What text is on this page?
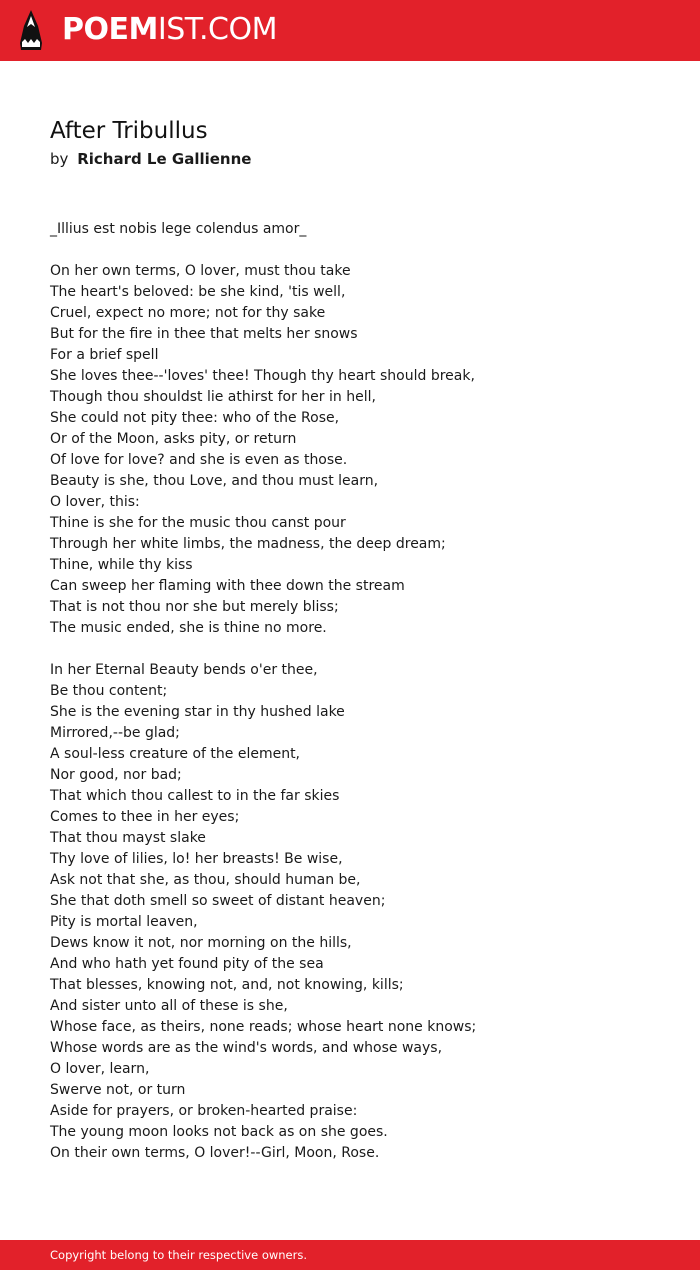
POEMIST.COM
After Tribullus
by Richard Le Gallienne
_Illius est nobis lege colendus amor_
On her own terms, O lover, must thou take
The heart's beloved: be she kind, 'tis well,
Cruel, expect no more; not for thy sake
But for the fire in thee that melts her snows
For a brief spell
She loves thee--'loves' thee! Though thy heart should break,
Though thou shouldst lie athirst for her in hell,
She could not pity thee: who of the Rose,
Or of the Moon, asks pity, or return
Of love for love? and she is even as those.
Beauty is she, thou Love, and thou must learn,
O lover, this:
Thine is she for the music thou canst pour
Through her white limbs, the madness, the deep dream;
Thine, while thy kiss
Can sweep her flaming with thee down the stream
That is not thou nor she but merely bliss;
The music ended, she is thine no more.
In her Eternal Beauty bends o'er thee,
Be thou content;
She is the evening star in thy hushed lake
Mirrored,--be glad;
A soul-less creature of the element,
Nor good, nor bad;
That which thou callest to in the far skies
Comes to thee in her eyes;
That thou mayst slake
Thy love of lilies, lo! her breasts! Be wise,
Ask not that she, as thou, should human be,
She that doth smell so sweet of distant heaven;
Pity is mortal leaven,
Dews know it not, nor morning on the hills,
And who hath yet found pity of the sea
That blesses, knowing not, and, not knowing, kills;
And sister unto all of these is she,
Whose face, as theirs, none reads; whose heart none knows;
Whose words are as the wind's words, and whose ways,
O lover, learn,
Swerve not, or turn
Aside for prayers, or broken-hearted praise:
The young moon looks not back as on she goes.
On their own terms, O lover!--Girl, Moon, Rose.
Copyright belong to their respective owners.
